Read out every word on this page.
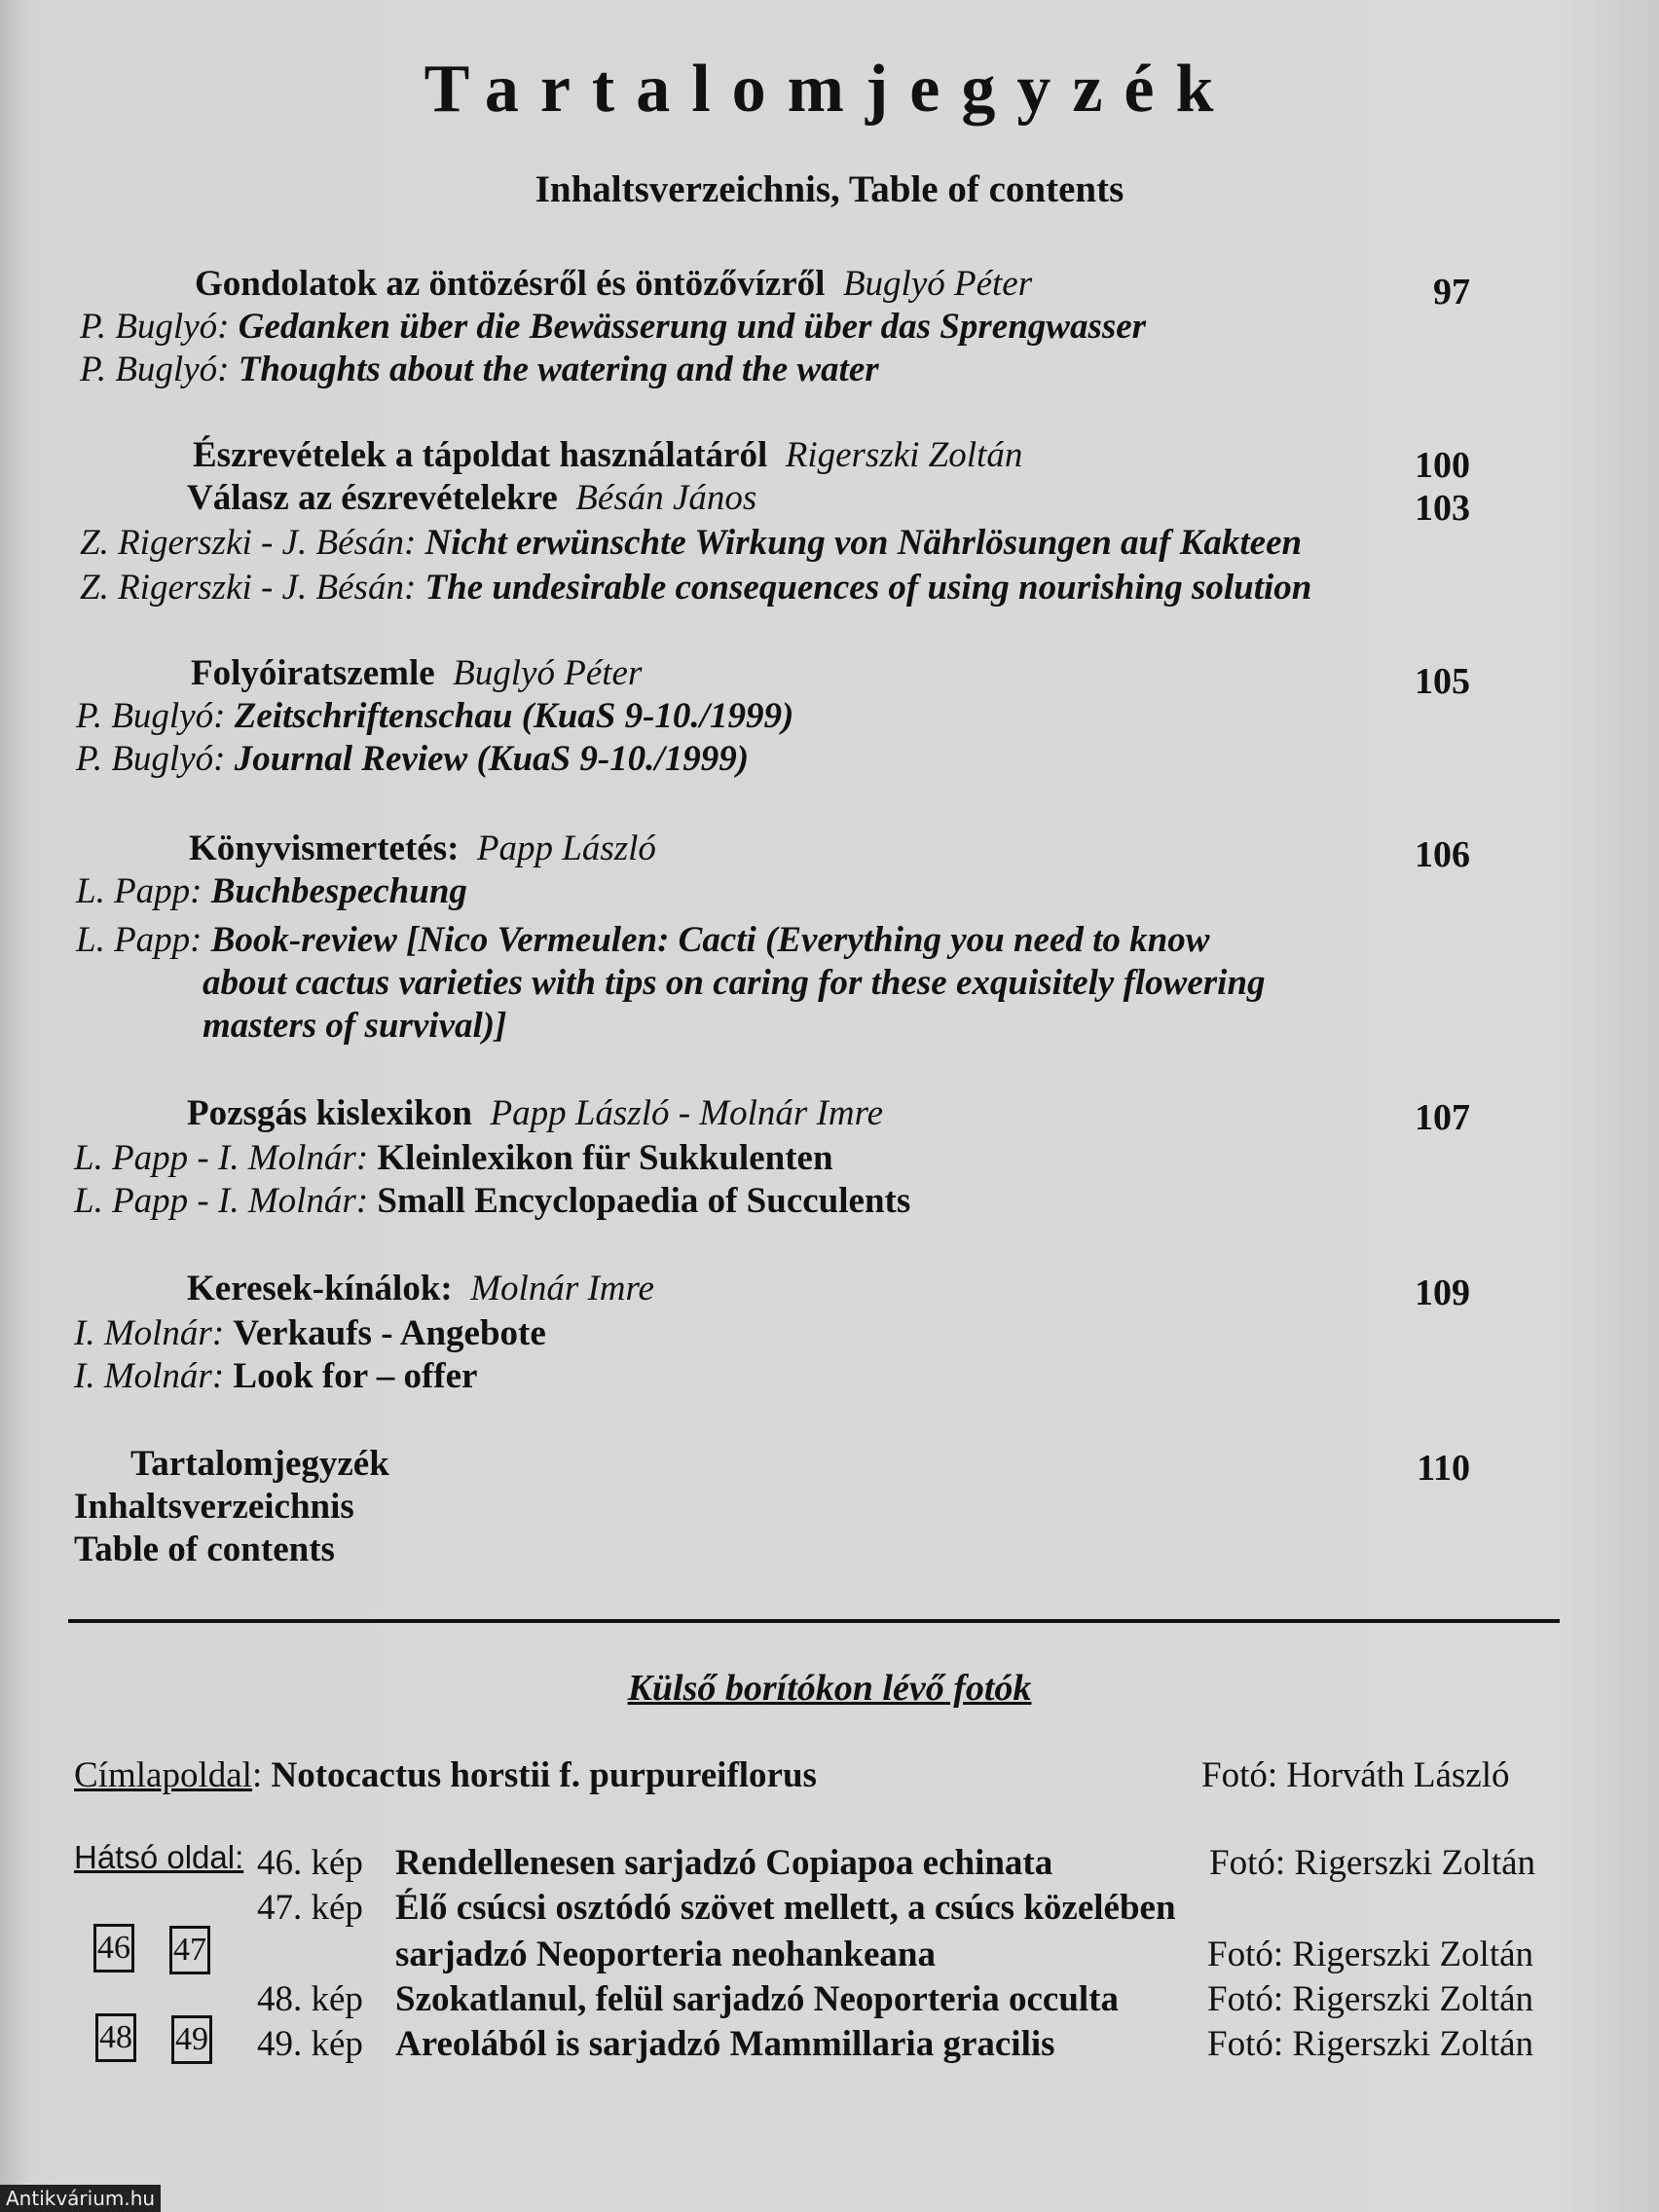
Tartalomjegyzék
Inhaltsverzeichnis, Table of contents
Gondolatok az öntözésről és öntözővízről Buglyó Péter	97
P. Buglyó: Gedanken über die Bewässerung und über das Sprengwasser
P. Buglyó: Thoughts about the watering and the water
Észrevételek a tápoldat használatáról Rigerszki Zoltán	100
Válasz az észrevételekre Bésán János	103
Z. Rigerszki - J. Bésán: Nicht erwünschte Wirkung von Nährlösungen auf Kakteen
Z. Rigerszki - J. Bésán: The undesirable consequences of using nourishing solution
Folyóiratszemle Buglyó Péter	105
P. Buglyó: Zeitschriftenschau (KuaS 9-10./1999)
P. Buglyó: Journal Review (KuaS 9-10./1999)
Könyvismertetés: Papp László	106
L. Papp: Buchbespechung
L. Papp: Book-review [Nico Vermeulen: Cacti (Everything you need to know
about cactus varieties with tips on caring for these exquisitely flowering
masters of survival)]
Pozsgás kislexikon Papp László - Molnár Imre	107
L. Papp - I. Molnár: Kleinlexikon für Sukkulenten
L. Papp - I. Molnár: Small Encyclopaedia of Succulents
Keresek-kínálok: Molnár Imre	109
I. Molnár: Verkaufs - Angebote
I. Molnár: Look for – offer
Tartalomjegyzék	110
Inhaltsverzeichnis
Table of contents
Külső borítókon lévő fotók
Címlapoldal: Notocactus horstii f. purpureiflorus	Fotó: Horváth László
Hátsó oldal:
46 47
48 49
46. kép Rendellenesen sarjadzó Copiapoa echinata	Fotó: Rigerszki Zoltán
47. kép Élő csúcsi osztódó szövet mellett, a csúcs közelében
sarjadzó Neoporteria neohankeana	Fotó: Rigerszki Zoltán
48. kép Szokatlanul, felül sarjadzó Neoporteria occulta Fotó: Rigerszki Zoltán
49. kép Areolából is sarjadzó Mammillaria gracilis	Fotó: Rigerszki Zoltán
Antikvárium.hu
